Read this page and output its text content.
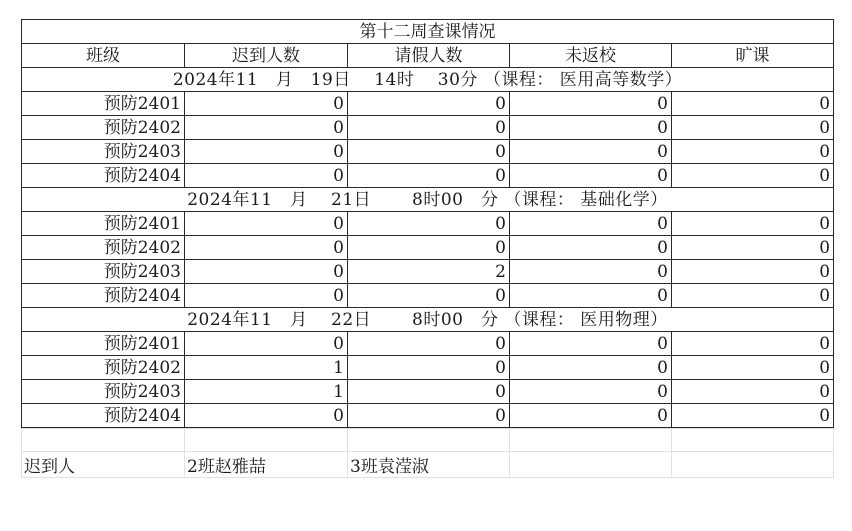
第十二周查课情况				
班级	迟到人数	请假人数	未返校	旷课
2024年11　月　19日　 14时　 30分 （课程： 医用高等数学）				
预防2401	0	0	0	0
预防2402	0	0	0	0
预防2403	0	0	0	0
预防2404	0	0	0	0
2024年11　月　 21日　 　8时00　分 （课程： 基础化学）				
预防2401	0	0	0	0
预防2402	0	0	0	0
预防2403	0	2	0	0
预防2404	0	0	0	0
2024年11　月　 22日　 　8时00　分 （课程： 医用物理）				
预防2401	0	0	0	0
预防2402	1	0	0	0
预防2403	1	0	0	0
预防2404	0	0	0	0

迟到人	2班赵雅喆	3班袁滢淑		
